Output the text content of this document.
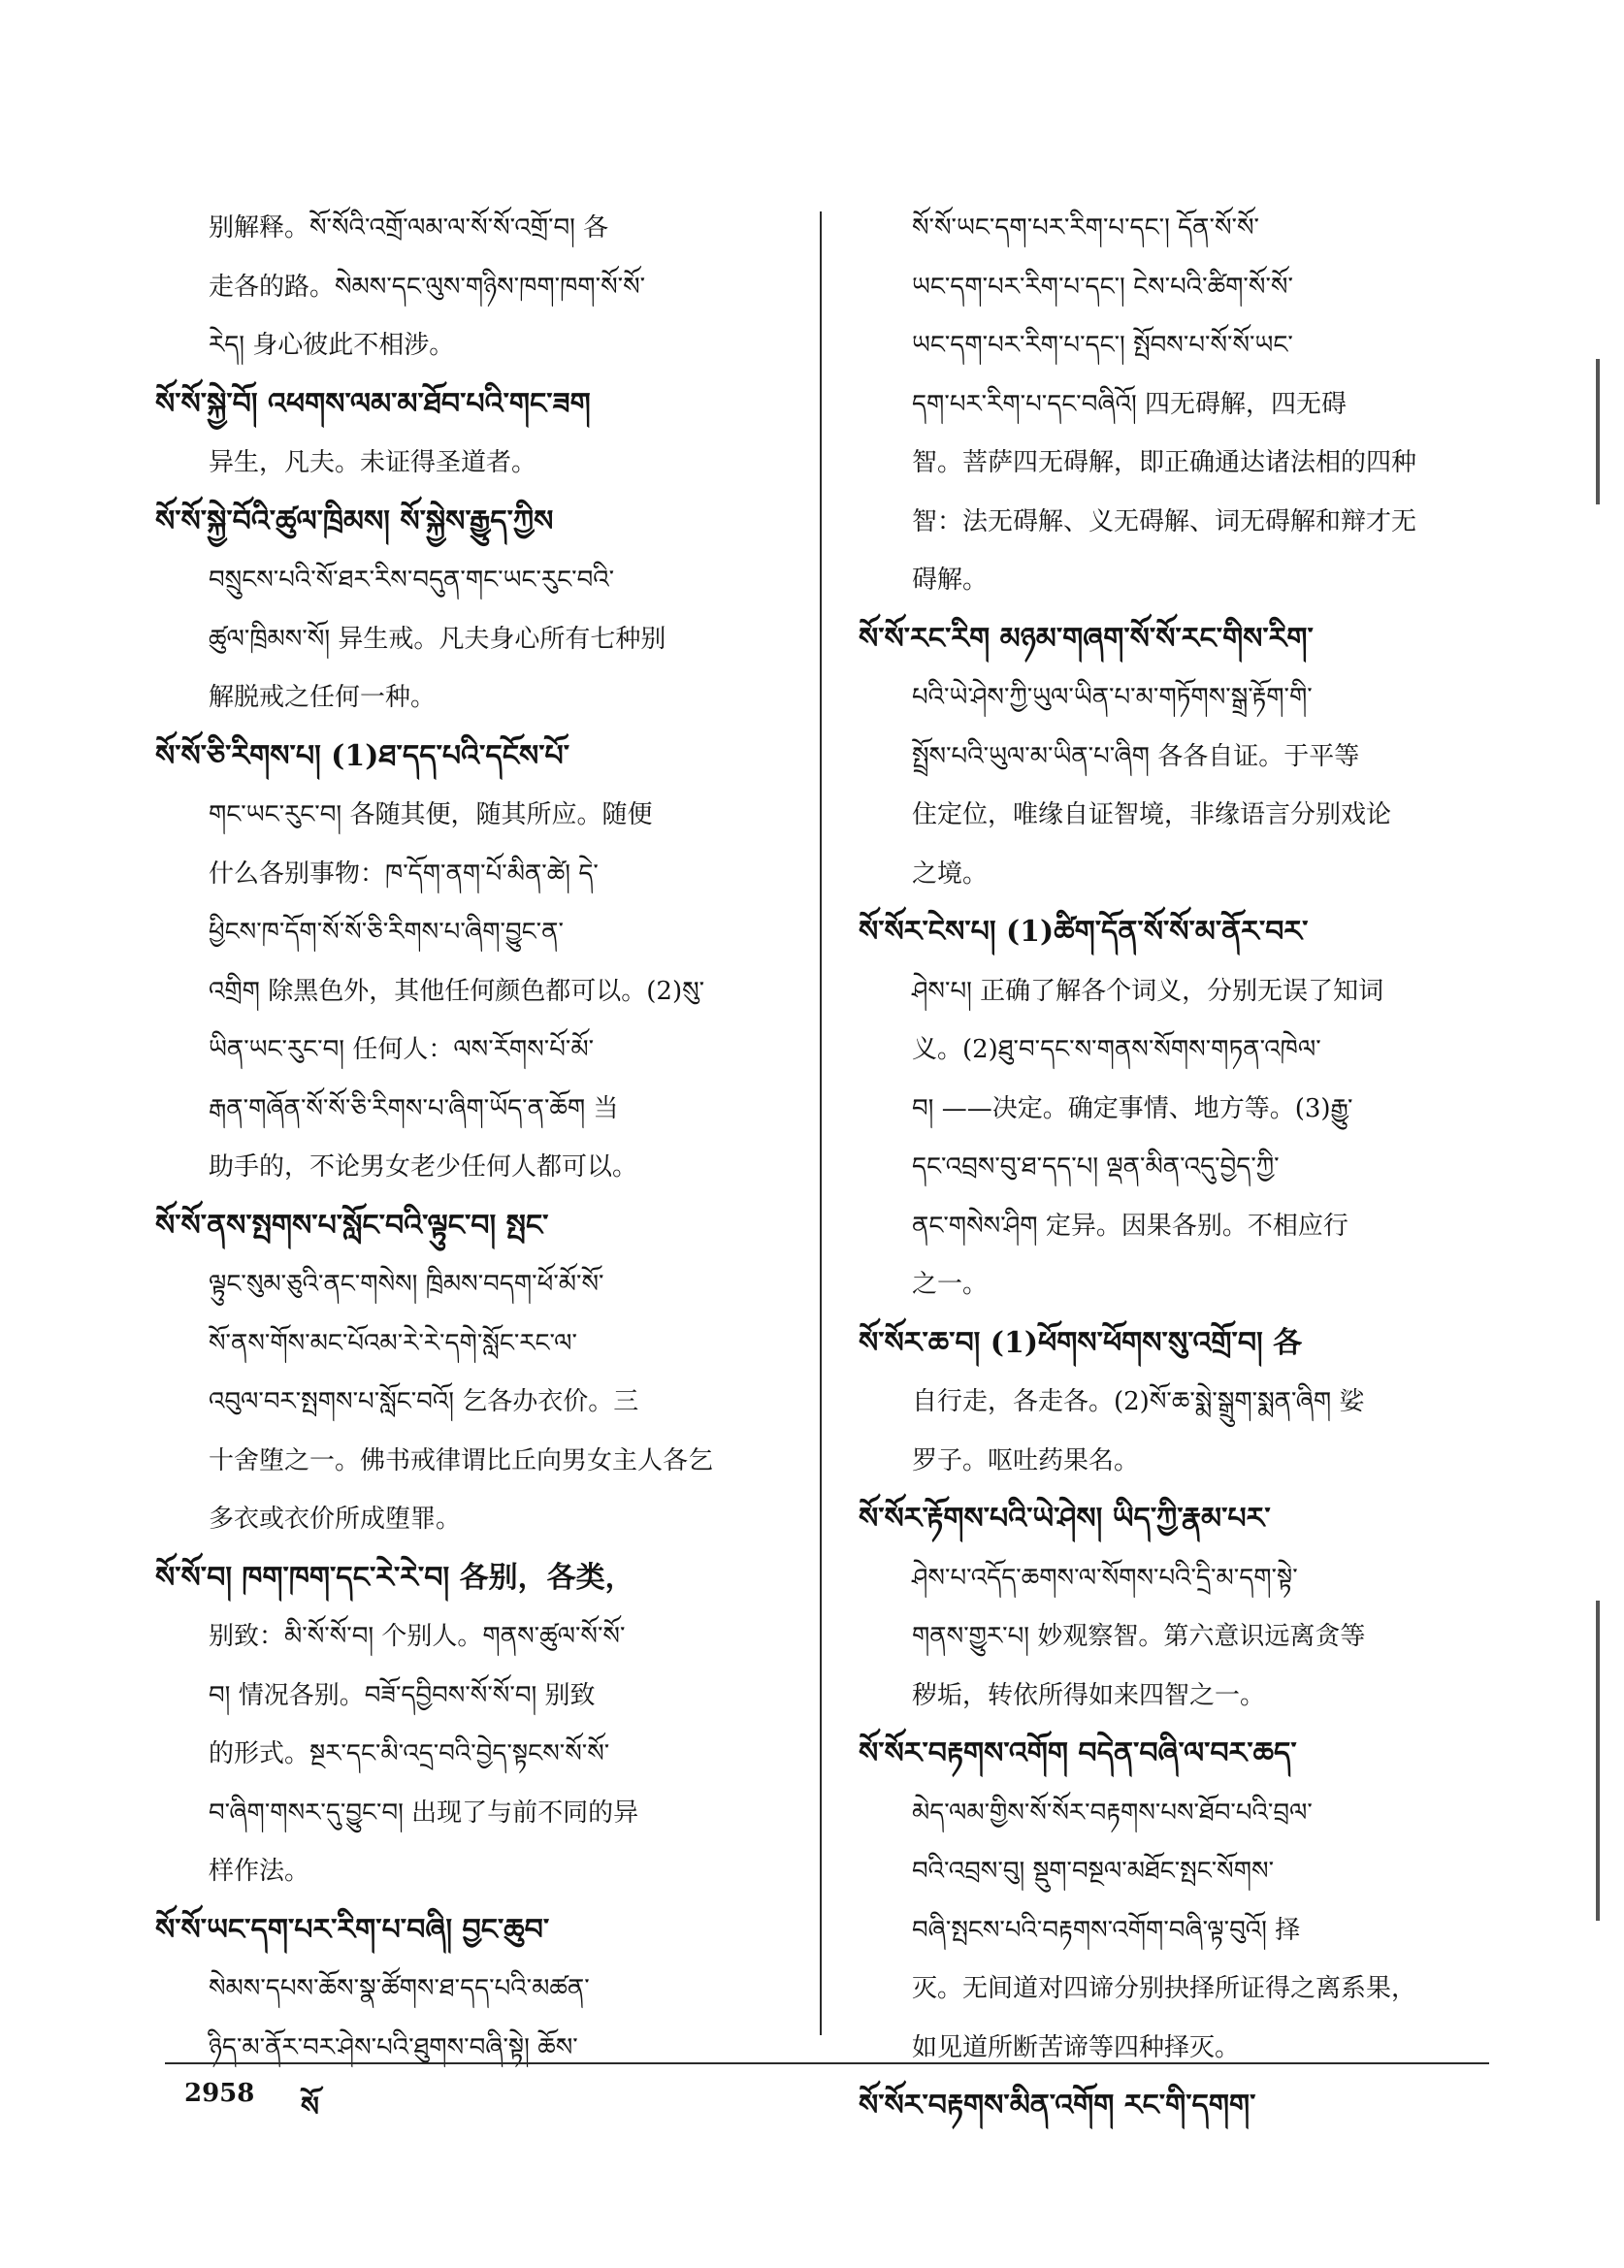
别解释。སོ་སོའི་འགྲོ་ལམ་ལ་སོ་སོ་འགྲོ་བ། 各
走各的路。སེམས་དང་ལུས་གཉིས་ཁག་ཁག་སོ་སོ་
རེད། 身心彼此不相涉。
སོ་སོ་སྐྱེ་བོ། འཕགས་ལམ་མ་ཐོབ་པའི་གང་ཟག
异生，凡夫。未证得圣道者。
སོ་སོ་སྐྱེ་བོའི་ཚུལ་ཁྲིམས། སོ་སྐྱེས་རྒྱུད་ཀྱིས
བསྲུངས་པའི་སོ་ཐར་རིས་བདུན་གང་ཡང་རུང་བའི་
ཚུལ་ཁྲིམས་སོ། 异生戒。凡夫身心所有七种别
解脱戒之任何一种。
སོ་སོ་ཅི་རིགས་པ། (1)ཐ་དད་པའི་དངོས་པོ་
གང་ཡང་རུང་བ། 各随其便，随其所应。随便
什么各别事物：ཁ་དོག་ནག་པོ་མིན་ཚེ། དེ་
ཕྱིངས་ཁ་དོག་སོ་སོ་ཅི་རིགས་པ་ཞིག་བྱུང་ན་
འགྲིག 除黑色外，其他任何颜色都可以。(2)སུ་
ཡིན་ཡང་རུང་བ། 任何人：ལས་རོགས་པོ་མོ་
རྒན་གཞོན་སོ་སོ་ཅི་རིགས་པ་ཞིག་ཡོད་ན་ཆོག 当
助手的，不论男女老少任何人都可以。
སོ་སོ་ནས་སྤགས་པ་སློང་བའི་ལྟུང་བ། སྤང་
ལྟུང་སུམ་ཅུའི་ནང་གསེས། ཁྲིམས་བདག་ཕོ་མོ་སོ་
སོ་ནས་གོས་མང་པོའམ་རེ་རེ་དགེ་སློང་རང་ལ་
འབུལ་བར་སྤགས་པ་སློང་བའོ། 乞各办衣价。三
十舍堕之一。佛书戒律谓比丘向男女主人各乞
多衣或衣价所成堕罪。
སོ་སོ་བ། ཁག་ཁག་དང་རེ་རེ་བ། 各别，各类，
别致：མི་སོ་སོ་བ། 个别人。གནས་ཚུལ་སོ་སོ་
བ། 情况各别。བཟོ་དབྱིབས་སོ་སོ་བ། 别致
的形式。སྔར་དང་མི་འདྲ་བའི་བྱེད་སྟངས་སོ་སོ་
བ་ཞིག་གསར་དུ་བྱུང་བ། 出现了与前不同的异
样作法。
སོ་སོ་ཡང་དག་པར་རིག་པ་བཞི། བྱང་ཆུབ་
སེམས་དཔས་ཆོས་སྣ་ཚོགས་ཐ་དད་པའི་མཚན་
ཉིད་མ་ནོར་བར་ཤེས་པའི་ཐུགས་བཞི་སྟེ། ཆོས་
སོ་སོ་ཡང་དག་པར་རིག་པ་དང་། དོན་སོ་སོ་
ཡང་དག་པར་རིག་པ་དང་། ངེས་པའི་ཚིག་སོ་སོ་
ཡང་དག་པར་རིག་པ་དང་། སྤོབས་པ་སོ་སོ་ཡང་
དག་པར་རིག་པ་དང་བཞིའོ། 四无碍解，四无碍
智。菩萨四无碍解，即正确通达诸法相的四种
智：法无碍解、义无碍解、词无碍解和辩才无
碍解。
སོ་སོ་རང་རིག མཉམ་གཞག་སོ་སོ་རང་གིས་རིག་
པའི་ཡེ་ཤེས་ཀྱི་ཡུལ་ཡིན་པ་མ་གཏོགས་སྒྲ་རྟོག་གི་
སྤྲོས་པའི་ཡུལ་མ་ཡིན་པ་ཞིག 各各自证。于平等
住定位，唯缘自证智境，非缘语言分别戏论
之境。
སོ་སོར་ངེས་པ། (1)ཚིག་དོན་སོ་སོ་མ་ནོར་བར་
ཤེས་པ། 正确了解各个词义，分别无误了知词
义。(2)ཐུ་བ་དང་ས་གནས་སོགས་གཏན་འཁེལ་
བ། ——决定。确定事情、地方等。(3)རྒྱུ་
དང་འབྲས་བུ་ཐ་དད་པ། ལྡན་མིན་འདུ་བྱེད་ཀྱི་
ནང་གསེས་ཤིག 定异。因果各别。不相应行
之一。
སོ་སོར་ཆ་བ། (1)ཕོགས་ཕོགས་སུ་འགྲོ་བ། 各
自行走，各走各。(2)སོ་ཆ་སྨེ་སྒྲུག་སྨན་ཞིག 娑
罗子。呕吐药果名。
སོ་སོར་རྟོགས་པའི་ཡེ་ཤེས། ཡིད་ཀྱི་རྣམ་པར་
ཤེས་པ་འདོད་ཆགས་ལ་སོགས་པའི་དྲི་མ་དག་སྟེ་
གནས་གྱུར་པ། 妙观察智。第六意识远离贪等
秽垢，转依所得如来四智之一。
སོ་སོར་བརྟགས་འགོག བདེན་བཞི་ལ་བར་ཆད་
མེད་ལམ་གྱིས་སོ་སོར་བརྟགས་པས་ཐོབ་པའི་བྲལ་
བའི་འབྲས་བུ། སྡུག་བསྔལ་མཐོང་སྤང་སོགས་
བཞི་སྤངས་པའི་བརྟགས་འགོག་བཞི་ལྟ་བུའོ། 择
灭。无间道对四谛分别抉择所证得之离系果，
如见道所断苦谛等四种择灭。
སོ་སོར་བརྟགས་མིན་འགོག རང་གི་དགག་
2958 སོ
